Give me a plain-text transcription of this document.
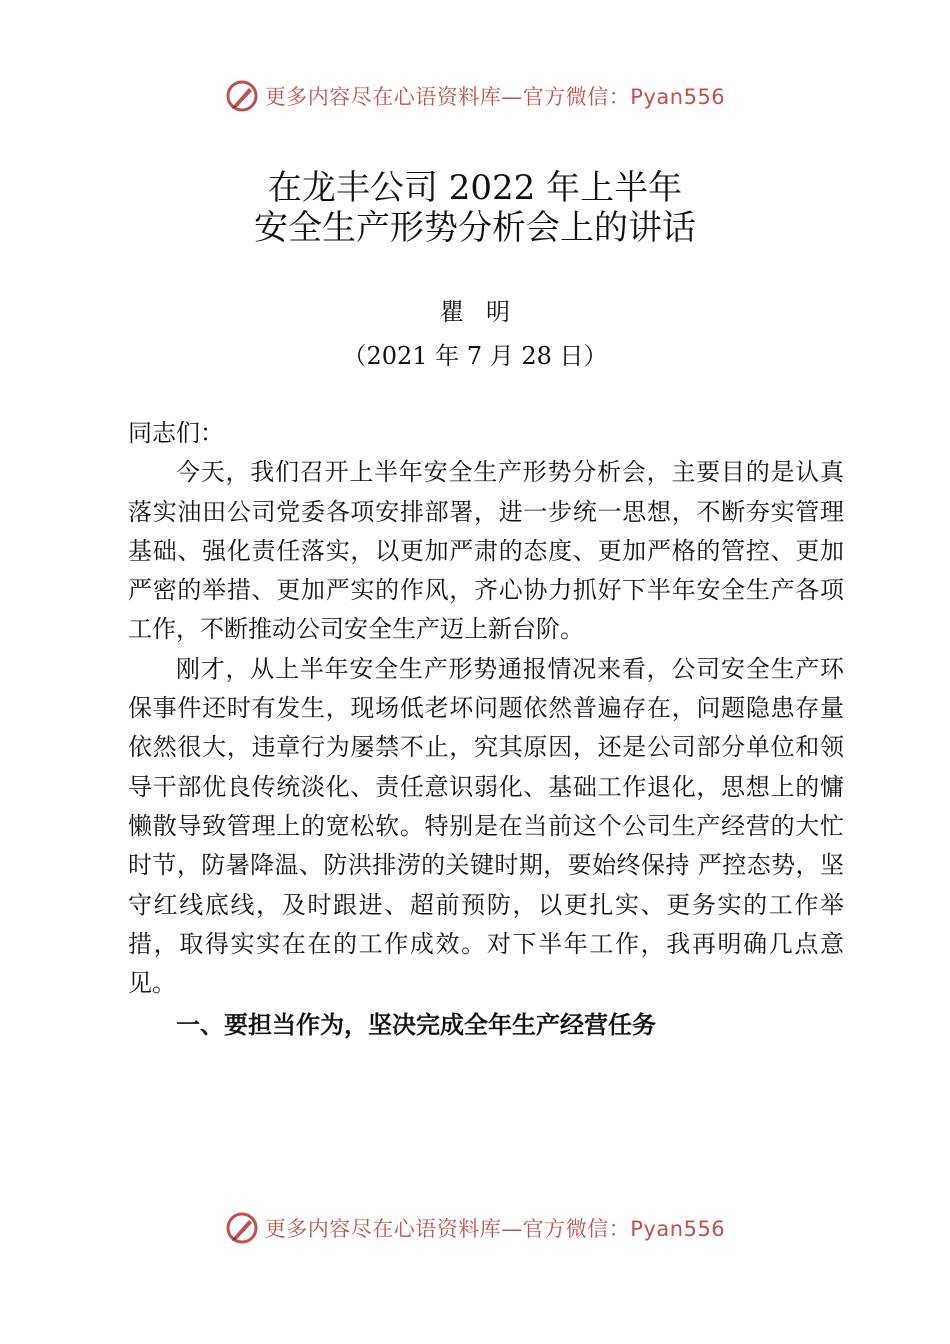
更多内容尽在心语资料库—官方微信：Pyan556
在龙丰公司 2022 年上半年
安全生产形势分析会上的讲话
瞿明
（2021 年 7 月 28 日）

同志们：

今天，我们召开上半年安全生产形势分析会，主要目的是认真落实油田公司党委各项安排部署，进一步统一思想，不断夯实管理基础、强化责任落实，以更加严肃的态度、更加严格的管控、更加严密的举措、更加严实的作风，齐心协力抓好下半年安全生产各项工作，不断推动公司安全生产迈上新台阶。

刚才，从上半年安全生产形势通报情况来看，公司安全生产环保事件还时有发生，现场低老坏问题依然普遍存在，问题隐患存量依然很大，违章行为屡禁不止，究其原因，还是公司部分单位和领导干部优良传统淡化、责任意识弱化、基础工作退化，思想上的慵懒散导致管理上的宽松软。特别是在当前这个公司生产经营的大忙时节，防暑降温、防洪排涝的关键时期，要始终保持 严控态势，坚守红线底线，及时跟进、超前预防，以更扎实、更务实的工作举措，取得实实在在的工作成效。对下半年工作，我再明确几点意见。

一、要担当作为，坚决完成全年生产经营任务

更多内容尽在心语资料库—官方微信：Pyan556
